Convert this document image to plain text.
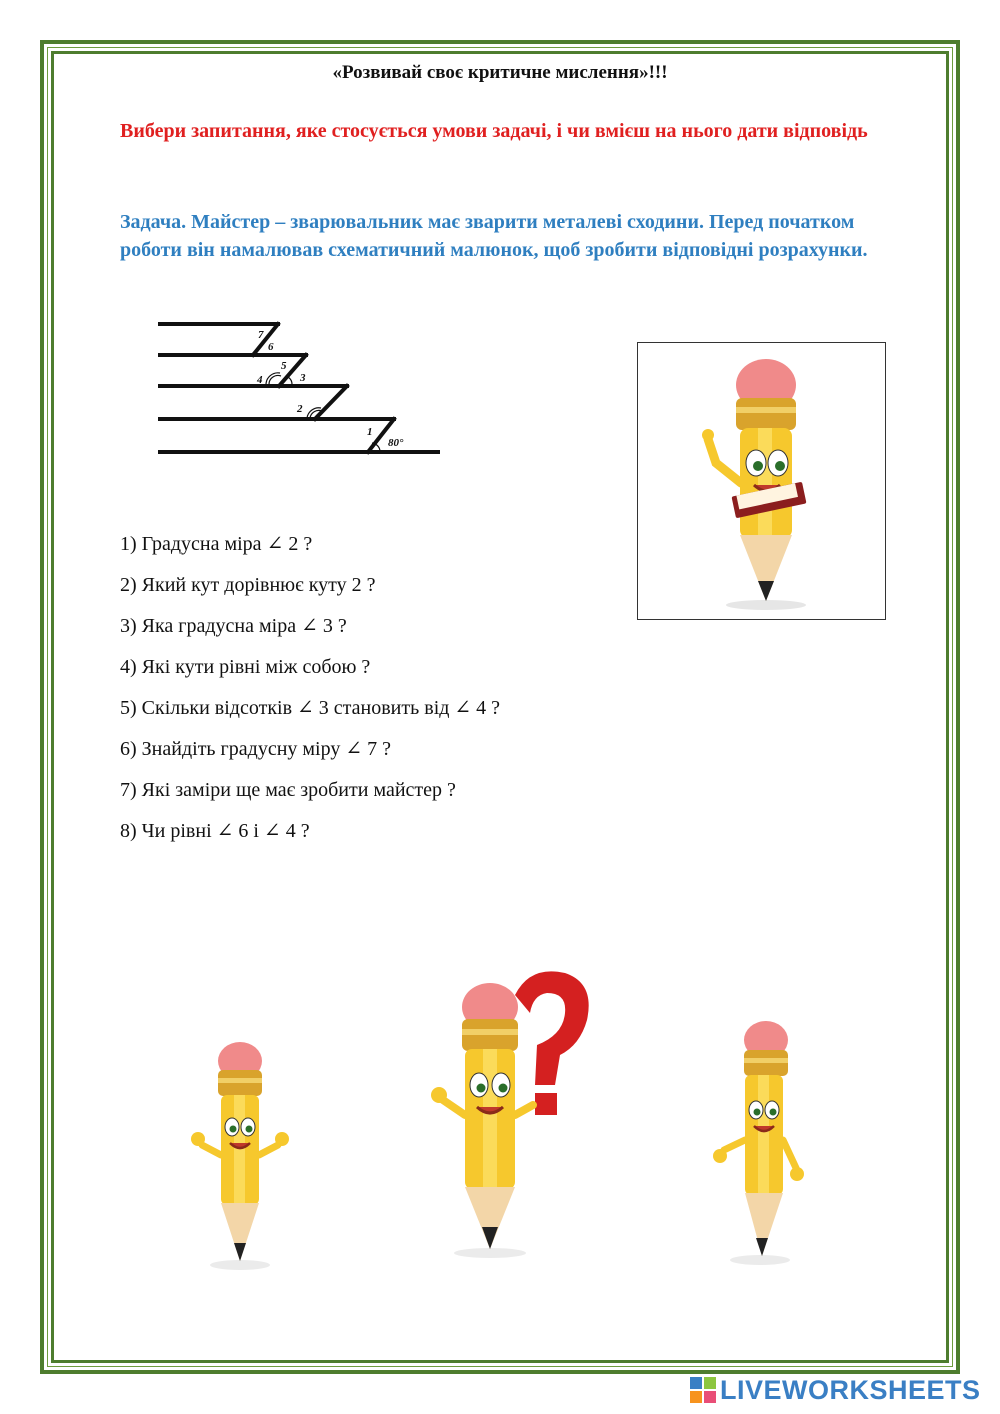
«Розвивай своє критичне мислення»!!!
Вибери запитання, яке стосується умови задачі, і чи вмієш на нього дати відповідь
Задача. Майстер – зварювальник має зварити металеві сходини. Перед початком роботи він намалював схематичний малюнок, щоб зробити відповідні розрахунки.
7
6
5
4	3
2
1
80°
1) Градусна міра ∠ 2 ?
2) Який кут дорівнює куту 2 ?
3) Яка градусна міра ∠ 3 ?
4) Які кути рівні між собою ?
5) Скільки відсотків ∠ 3 становить від ∠ 4 ?
6) Знайдіть градусну міру ∠ 7 ?
7) Які заміри ще має зробити майстер ?
8) Чи рівні ∠ 6 і ∠ 4 ?
LIVEWORKSHEETS
